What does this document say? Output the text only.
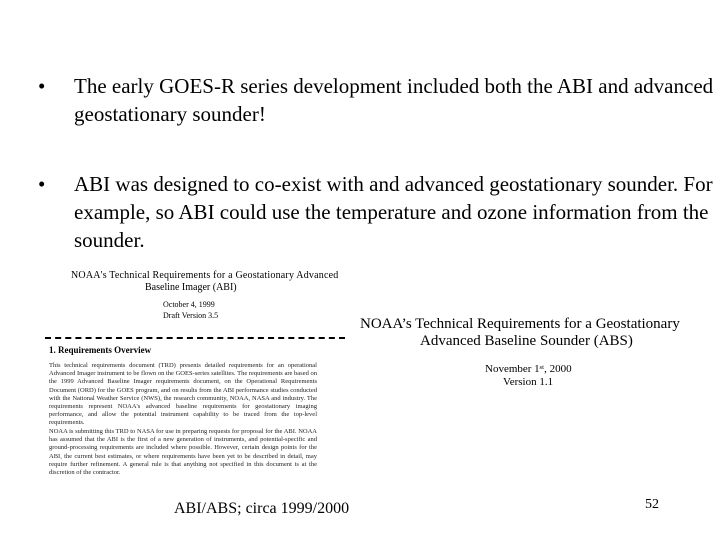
• The early GOES-R series development included both the ABI and advanced geostationary sounder!
• ABI was designed to co-exist with and advanced geostationary sounder. For example, so ABI could use the temperature and ozone information from the sounder.
NOAA's Technical Requirements for a Geostationary Advanced
Baseline Imager (ABI)
October 4, 1999
Draft Version 3.5
1. Requirements Overview
This technical requirements document (TRD) presents detailed requirements for an operational Advanced Imager instrument to be flown on the GOES-series satellites. The requirements are based on the 1999 Advanced Baseline Imager requirements document, on the Operational Requirements Document (ORD) for the GOES program, and on results from the ABI performance studies conducted with the National Weather Service (NWS), the research community, NOAA, NASA and industry. The requirements represent NOAA's advanced baseline requirements for geostationary imaging performance, and allow the potential instrument capability to be traced from the top-level requirements.
NOAA is submitting this TRD to NASA for use in preparing requests for proposal for the ABI. NOAA has assumed that the ABI is the first of a new generation of instruments, and potential-specific and ground-processing requirements are included where possible. However, certain design points for the ABI, the current best estimates, or where requirements have been yet to be described in detail, may require further refinement. A general rule is that anything not specified in this document is at the discretion of the contractor.
NOAA’s Technical Requirements for a Geostationary
Advanced Baseline Sounder (ABS)
November 1ˢᵗ, 2000
Version 1.1
ABI/ABS; circa 1999/2000	52
